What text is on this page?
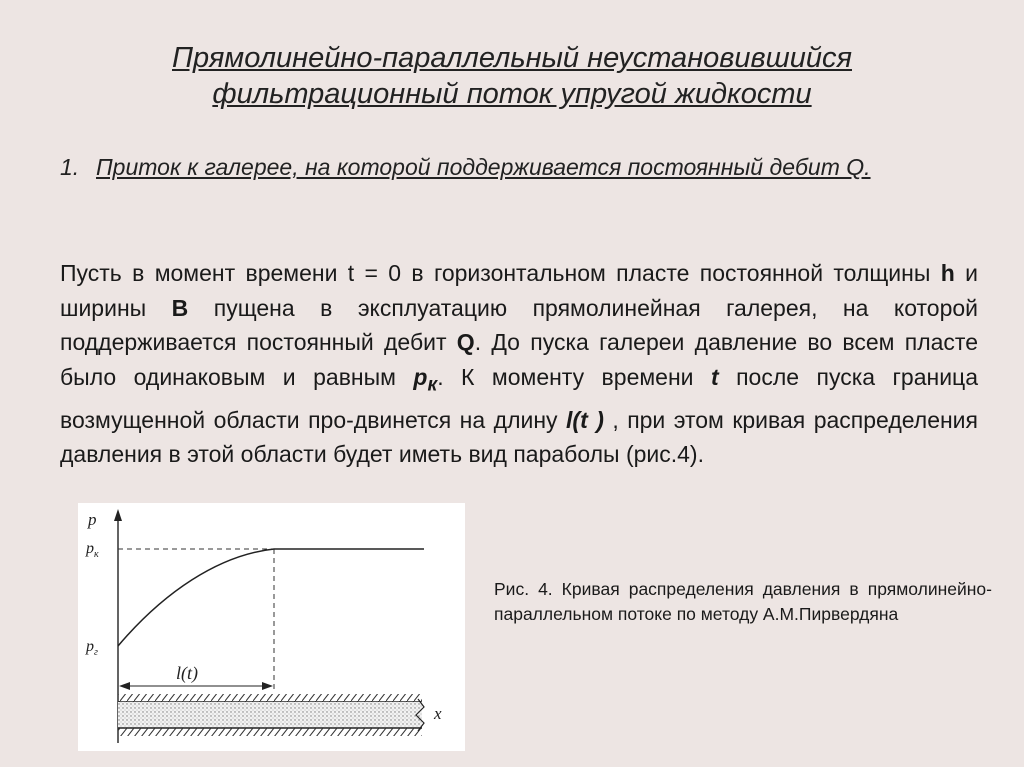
Прямолинейно-параллельный неустановившийся
фильтрационный поток упругой жидкости
1. Приток к галерее, на которой поддерживается постоянный дебит Q.
Пусть в момент времени t = 0 в горизонтальном пласте постоянной толщины h и ширины B пущена в эксплуатацию прямолинейная галерея, на которой поддерживается постоянный дебит Q. До пуска галереи давление во всем пласте было одинаковым и равным $р_к$. К моменту времени t после пуска граница возмущенной области про-двинется на длину l(t ) , при этом кривая распределения давления в этой области будет иметь вид параболы (рис.4).
p
$p_к$
$p_г$
l(t)
x
Рис. 4. Кривая распределения давления в прямолинейно-параллельном потоке по методу А.М.Пирвердяна
